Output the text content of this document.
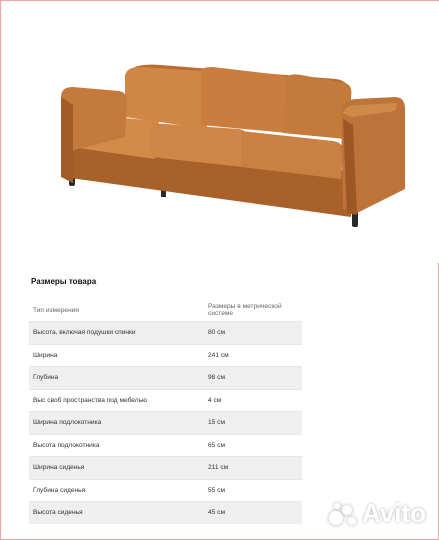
Размеры товара
Тип измерения	Размеры в метрической системе
Высота, включая подушки спинки	80 см
Ширина	241 см
Глубина	98 см
Выс своб пространства под мебелью	4 см
Ширина подлокотника	15 см
Высота подлокотника	65 см
Ширина сиденья	211 см
Глубина сиденья	55 см
Высота сиденья	45 см	Avito
